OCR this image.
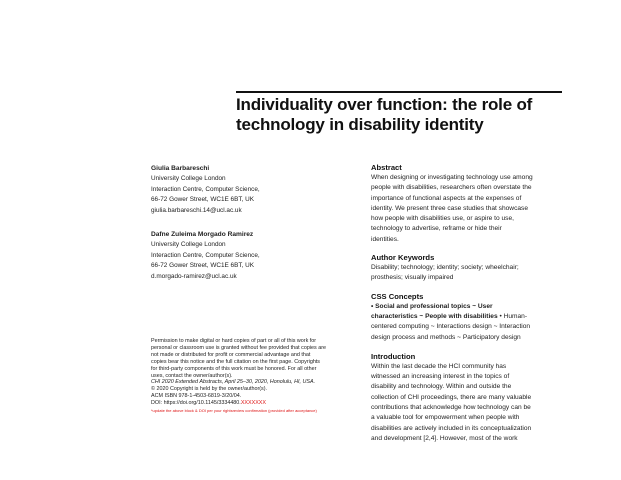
Individuality over function: the role of
technology in disability identity
Giulia Barbareschi
University College London
Interaction Centre, Computer Science,
66-72 Gower Street, WC1E 6BT, UK
giulia.barbareschi.14@ucl.ac.uk
Dafne Zuleima Morgado Ramirez
University College London
Interaction Centre, Computer Science,
66-72 Gower Street, WC1E 6BT, UK
d.morgado-ramirez@ucl.ac.uk
Permission to make digital or hard copies of part or all of this work for
personal or classroom use is granted without fee provided that copies are
not made or distributed for profit or commercial advantage and that
copies bear this notice and the full citation on the first page. Copyrights
for third-party components of this work must be honored. For all other
uses, contact the owner/author(s).
CHI 2020 Extended Abstracts, April 25–30, 2020, Honolulu, HI, USA.
© 2020 Copyright is held by the owner/author(s).
ACM ISBN 978-1-4503-6819-3/20/04.
DOI: https://doi.org/10.1145/3334480.XXXXXXX
*update the above block & DOI per your rightsreview confirmation (provided after acceptance)
Abstract
When designing or investigating technology use among
people with disabilities, researchers often overstate the
importance of functional aspects at the expenses of
identity. We present three case studies that showcase
how people with disabilities use, or aspire to use,
technology to advertise, reframe or hide their
identities.
Author Keywords
Disability; technology; identity; society; wheelchair;
prosthesis; visually impaired
CSS Concepts
• Social and professional topics ~ User
characteristics ~ People with disabilities • Human-
centered computing ~ Interactions design ~ Interaction
design process and methods ~ Participatory design
Introduction
Within the last decade the HCI community has
witnessed an increasing interest in the topics of
disability and technology. Within and outside the
collection of CHI proceedings, there are many valuable
contributions that acknowledge how technology can be
a valuable tool for empowerment when people with
disabilities are actively included in its conceptualization
and development [2,4]. However, most of the work
